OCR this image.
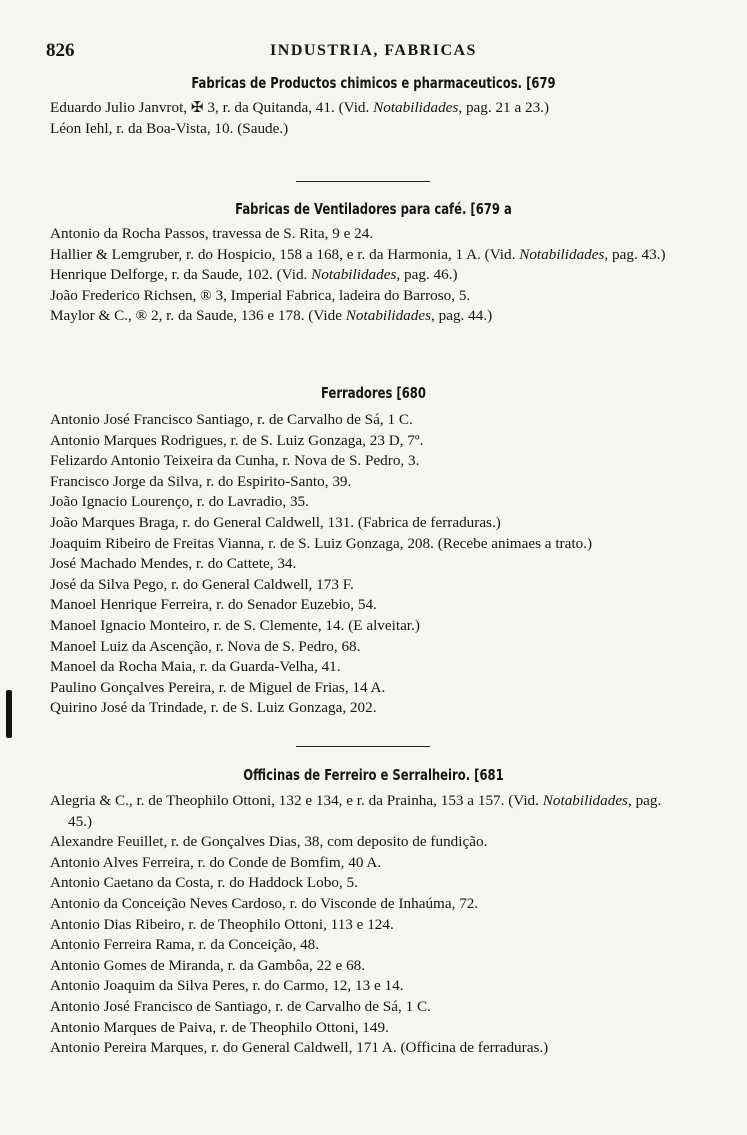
826	INDUSTRIA, FABRICAS
Fabricas de Productos chimicos e pharmaceuticos. [679
Eduardo Julio Janvrot, ✠ 3, r. da Quitanda, 41. (Vid. Notabilidades, pag. 21 a 23.)
Léon Iehl, r. da Boa-Vista, 10. (Saude.)
Fabricas de Ventiladores para café. [679 a
Antonio da Rocha Passos, travessa de S. Rita, 9 e 24.
Hallier & Lemgruber, r. do Hospicio, 158 a 168, e r. da Harmonia, 1 A. (Vid. Notabilidades, pag. 43.)
Henrique Delforge, r. da Saude, 102. (Vid. Notabilidades, pag. 46.)
João Frederico Richsen, ® 3, Imperial Fabrica, ladeira do Barroso, 5.
Maylor & C., ® 2, r. da Saude, 136 e 178. (Vide Notabilidades, pag. 44.)
Ferradores [680
Antonio José Francisco Santiago, r. de Carvalho de Sá, 1 C.
Antonio Marques Rodrigues, r. de S. Luiz Gonzaga, 23 D, 7º.
Felizardo Antonio Teixeira da Cunha, r. Nova de S. Pedro, 3.
Francisco Jorge da Silva, r. do Espirito-Santo, 39.
João Ignacio Lourenço, r. do Lavradio, 35.
João Marques Braga, r. do General Caldwell, 131. (Fabrica de ferraduras.)
Joaquim Ribeiro de Freitas Vianna, r. de S. Luiz Gonzaga, 208. (Recebe animaes a trato.)
José Machado Mendes, r. do Cattete, 34.
José da Silva Pego, r. do General Caldwell, 173 F.
Manoel Henrique Ferreira, r. do Senador Euzebio, 54.
Manoel Ignacio Monteiro, r. de S. Clemente, 14. (E alveitar.)
Manoel Luiz da Ascenção, r. Nova de S. Pedro, 68.
Manoel da Rocha Maia, r. da Guarda-Velha, 41.
Paulino Gonçalves Pereira, r. de Miguel de Frias, 14 A.
Quirino José da Trindade, r. de S. Luiz Gonzaga, 202.
Officinas de Ferreiro e Serralheiro. [681
Alegria & C., r. de Theophilo Ottoni, 132 e 134, e r. da Prainha, 153 a 157. (Vid. Notabilidades, pag. 45.)
Alexandre Feuillet, r. de Gonçalves Dias, 38, com deposito de fundição.
Antonio Alves Ferreira, r. do Conde de Bomfim, 40 A.
Antonio Caetano da Costa, r. do Haddock Lobo, 5.
Antonio da Conceição Neves Cardoso, r. do Visconde de Inhaúma, 72.
Antonio Dias Ribeiro, r. de Theophilo Ottoni, 113 e 124.
Antonio Ferreira Rama, r. da Conceição, 48.
Antonio Gomes de Miranda, r. da Gambôa, 22 e 68.
Antonio Joaquim da Silva Peres, r. do Carmo, 12, 13 e 14.
Antonio José Francisco de Santiago, r. de Carvalho de Sá, 1 C.
Antonio Marques de Paiva, r. de Theophilo Ottoni, 149.
Antonio Pereira Marques, r. do General Caldwell, 171 A. (Officina de ferraduras.)
